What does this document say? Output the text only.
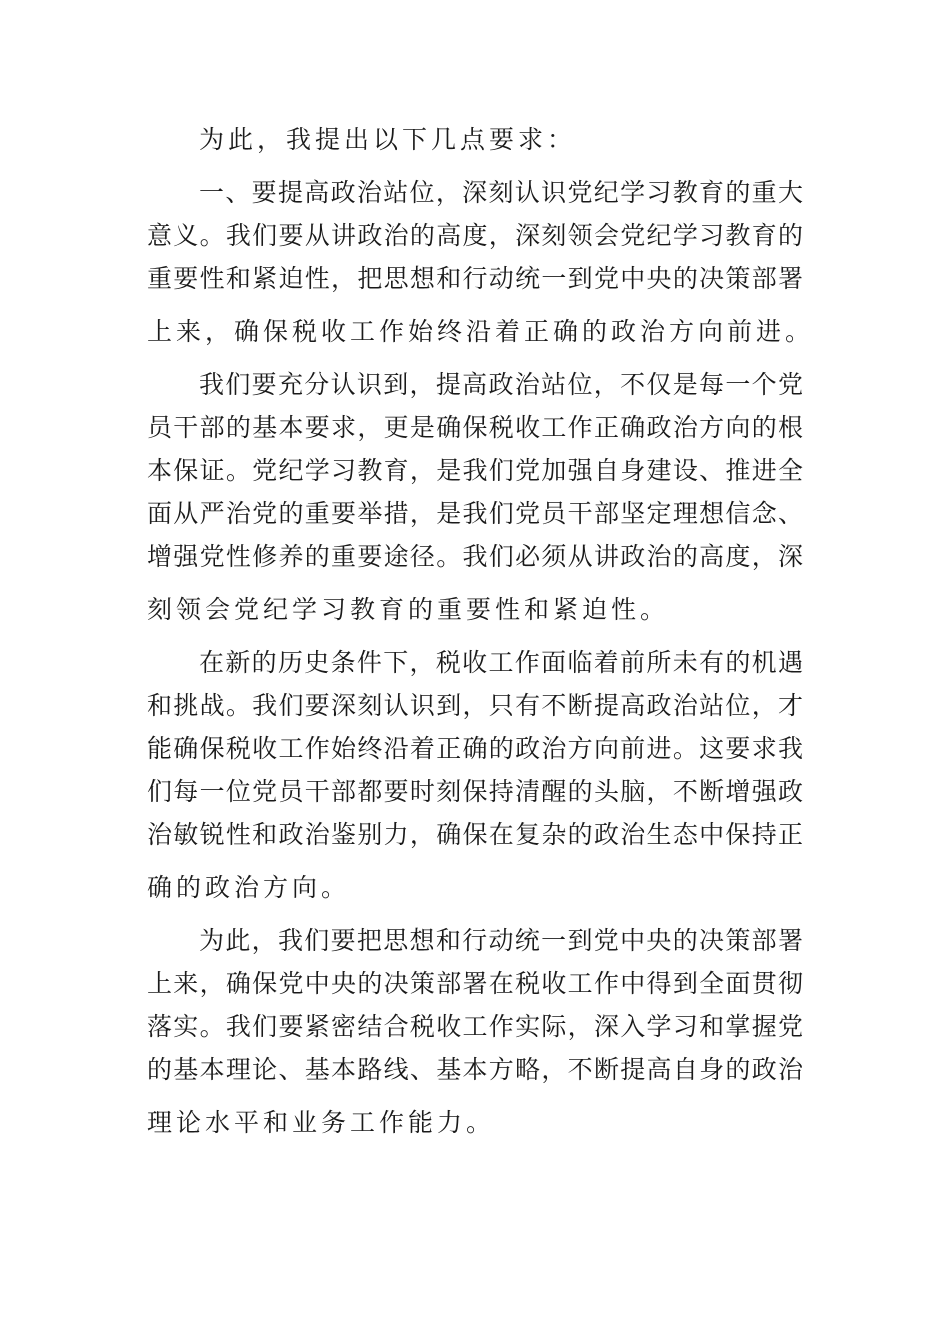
为此，我提出以下几点要求：
一、要提高政治站位，深刻认识党纪学习教育的重大
意义。我们要从讲政治的高度，深刻领会党纪学习教育的
重要性和紧迫性，把思想和行动统一到党中央的决策部署
上来，确保税收工作始终沿着正确的政治方向前进。
我们要充分认识到，提高政治站位，不仅是每一个党
员干部的基本要求，更是确保税收工作正确政治方向的根
本保证。党纪学习教育，是我们党加强自身建设、推进全
面从严治党的重要举措，是我们党员干部坚定理想信念、
增强党性修养的重要途径。我们必须从讲政治的高度，深
刻领会党纪学习教育的重要性和紧迫性。
在新的历史条件下，税收工作面临着前所未有的机遇
和挑战。我们要深刻认识到，只有不断提高政治站位，才
能确保税收工作始终沿着正确的政治方向前进。这要求我
们每一位党员干部都要时刻保持清醒的头脑，不断增强政
治敏锐性和政治鉴别力，确保在复杂的政治生态中保持正
确的政治方向。
为此，我们要把思想和行动统一到党中央的决策部署
上来，确保党中央的决策部署在税收工作中得到全面贯彻
落实。我们要紧密结合税收工作实际，深入学习和掌握党
的基本理论、基本路线、基本方略，不断提高自身的政治
理论水平和业务工作能力。
